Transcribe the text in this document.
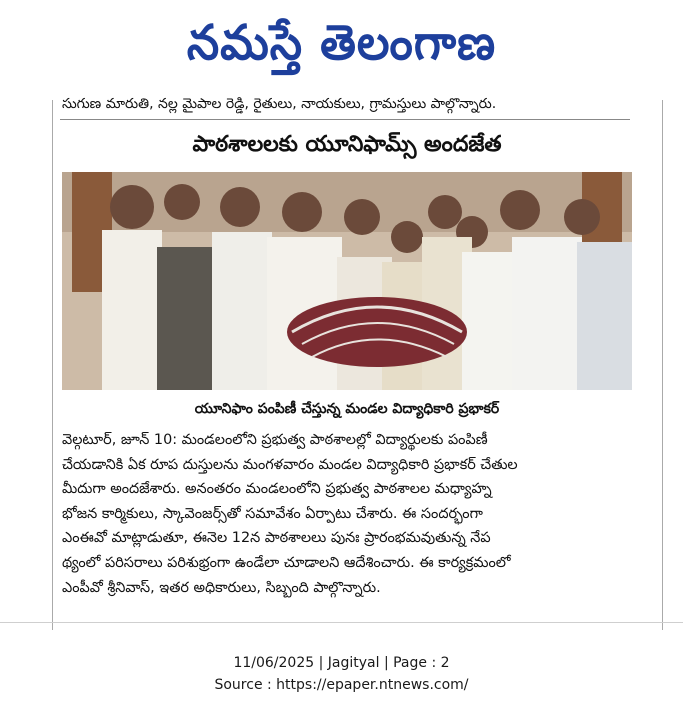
నమస్తే తెలంగాణ
సుగుణ మారుతి, నల్ల మైపాల రెడ్డి, రైతులు, నాయకులు, గ్రామస్తులు పాల్గొన్నారు.
పాఠశాలలకు యూనిఫామ్స్ అందజేత
యూనిఫాం పంపిణీ చేస్తున్న మండల విద్యాధికారి ప్రభాకర్
వెల్గటూర్, జూన్ 10: మండలంలోని ప్రభుత్వ పాఠశాలల్లో విద్యార్థులకు పంపిణీ
చేయడానికి ఏక రూప దుస్తులను మంగళవారం మండల విద్యాధికారి ప్రభాకర్ చేతుల
మీదుగా అందజేశారు. అనంతరం మండలంలోని ప్రభుత్వ పాఠశాలల మధ్యాహ్న
భోజన కార్మికులు, స్కావెంజర్స్‌తో సమావేశం ఏర్పాటు చేశారు. ఈ సందర్భంగా
ఎంఈవో మాట్లాడుతూ, ఈనెల 12న పాఠశాలలు పునః ప్రారంభమవుతున్న నేప
థ్యంలో పరిసరాలు పరిశుభ్రంగా ఉండేలా చూడాలని ఆదేశించారు. ఈ కార్యక్రమంలో
ఎంపీవో శ్రీనివాస్, ఇతర అధికారులు, సిబ్బంది పాల్గొన్నారు.
11/06/2025 | Jagityal | Page : 2
Source : https://epaper.ntnews.com/
